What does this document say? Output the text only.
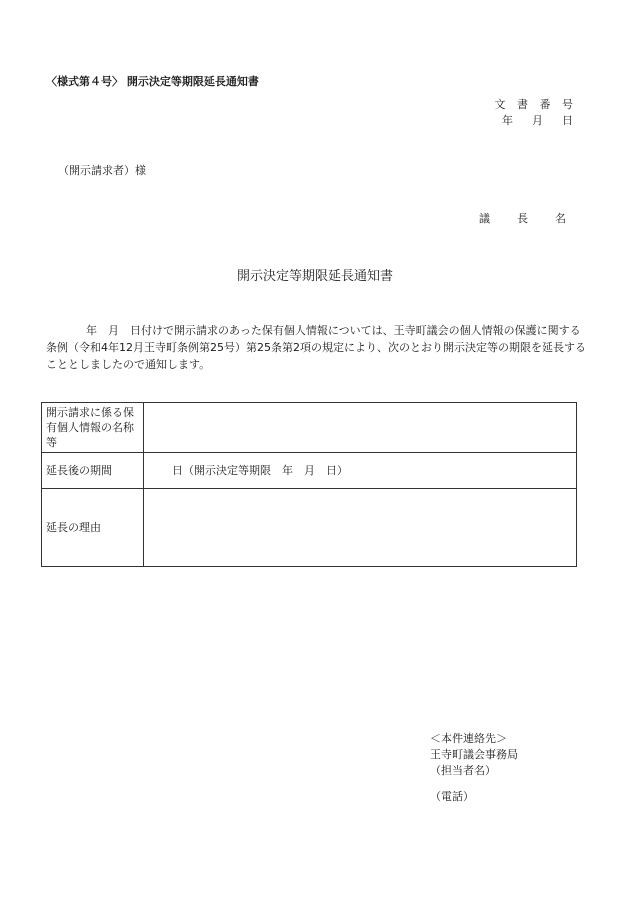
〈様式第４号〉 開示決定等期限延長通知書
文 書 番 号
年　月　日
（開示請求者）様
議　長　名
開示決定等期限延長通知書
年　月　日付けで開示請求のあった保有個人情報については、王寺町議会の個人情報の保護に関する条例（令和4年12月王寺町条例第25号）第25条第2項の規定により、次のとおり開示決定等の期限を延長することとしましたので通知します。
開示請求に係る保有個人情報の名称等	
延長後の期間	日（開示決定等期限　年　月　日）
延長の理由	
＜本件連絡先＞
王寺町議会事務局
（担当者名）
（電話）
